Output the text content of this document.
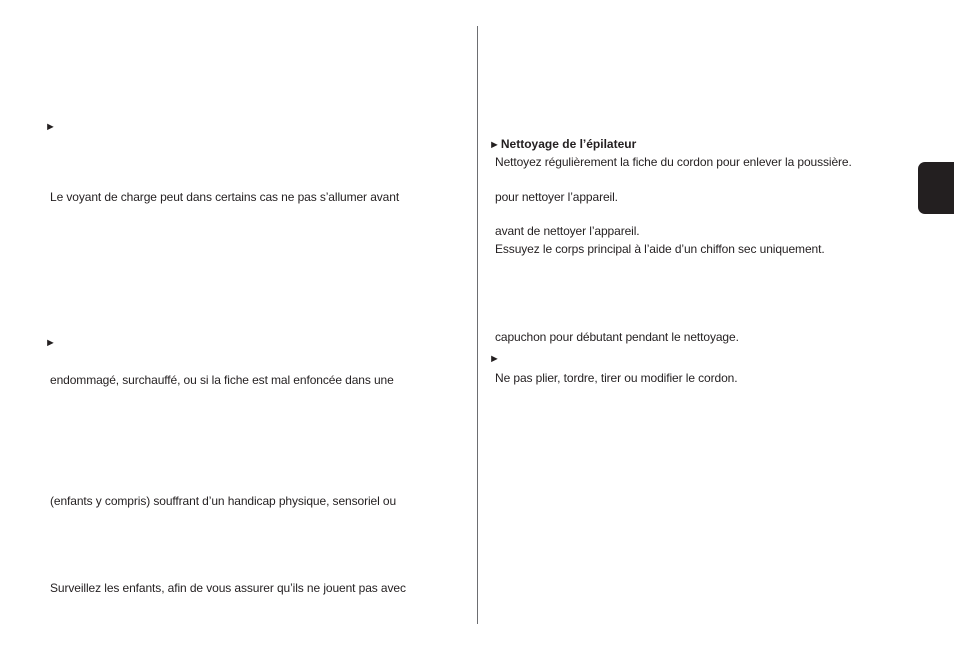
►
Le voyant de charge peut dans certains cas ne pas s’allumer avant
►
endommagé, surchauffé, ou si la fiche est mal enfoncée dans une
(enfants y compris) souffrant d’un handicap physique, sensoriel ou
Surveillez les enfants, afin de vous assurer qu’ils ne jouent pas avec
►Nettoyage de l’épilateur
Nettoyez régulièrement la fiche du cordon pour enlever la poussière.
pour nettoyer l’appareil.
avant de nettoyer l’appareil.
Essuyez le corps principal à l’aide d’un chiffon sec uniquement.
capuchon pour débutant pendant le nettoyage.
►
Ne pas plier, tordre, tirer ou modifier le cordon.
